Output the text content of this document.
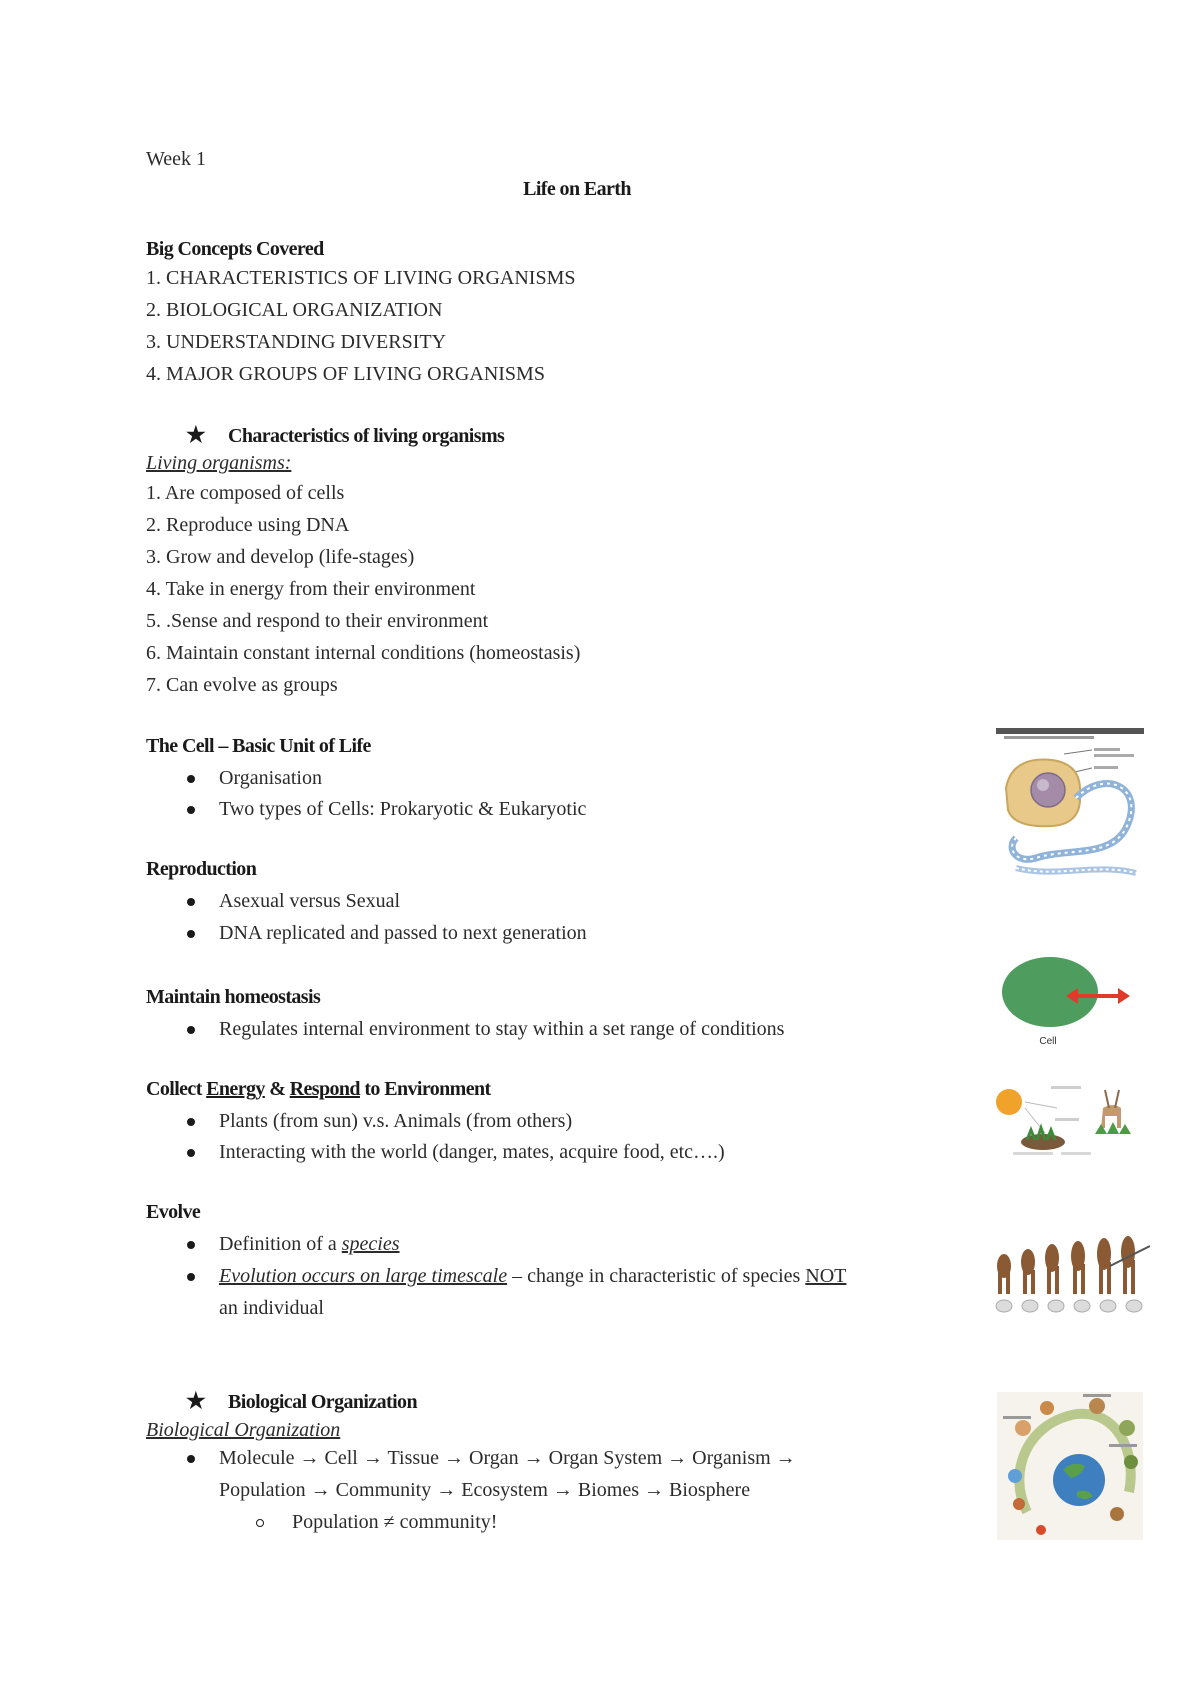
Week 1
Life on Earth
Big Concepts Covered
1. CHARACTERISTICS OF LIVING ORGANISMS
2. BIOLOGICAL ORGANIZATION
3. UNDERSTANDING DIVERSITY
4. MAJOR GROUPS OF LIVING ORGANISMS
★ Characteristics of living organisms
Living organisms:
1. Are composed of cells
2. Reproduce using DNA
3. Grow and develop (life-stages)
4. Take in energy from their environment
5. .Sense and respond to their environment
6. Maintain constant internal conditions (homeostasis)
7. Can evolve as groups
The Cell – Basic Unit of Life
Organisation
Two types of Cells: Prokaryotic & Eukaryotic
Reproduction
Asexual versus Sexual
DNA replicated and passed to next generation
Maintain homeostasis
Regulates internal environment to stay within a set range of conditions
Collect Energy & Respond to Environment
Plants (from sun) v.s. Animals (from others)
Interacting with the world (danger, mates, acquire food, etc….)
Evolve
Definition of a species
Evolution occurs on large timescale – change in characteristic of species NOT
an individual
★ Biological Organization
Biological Organization
Molecule → Cell → Tissue → Organ → Organ System → Organism →
Population → Community → Ecosystem → Biomes → Biosphere
Population ≠ community!
Cell
